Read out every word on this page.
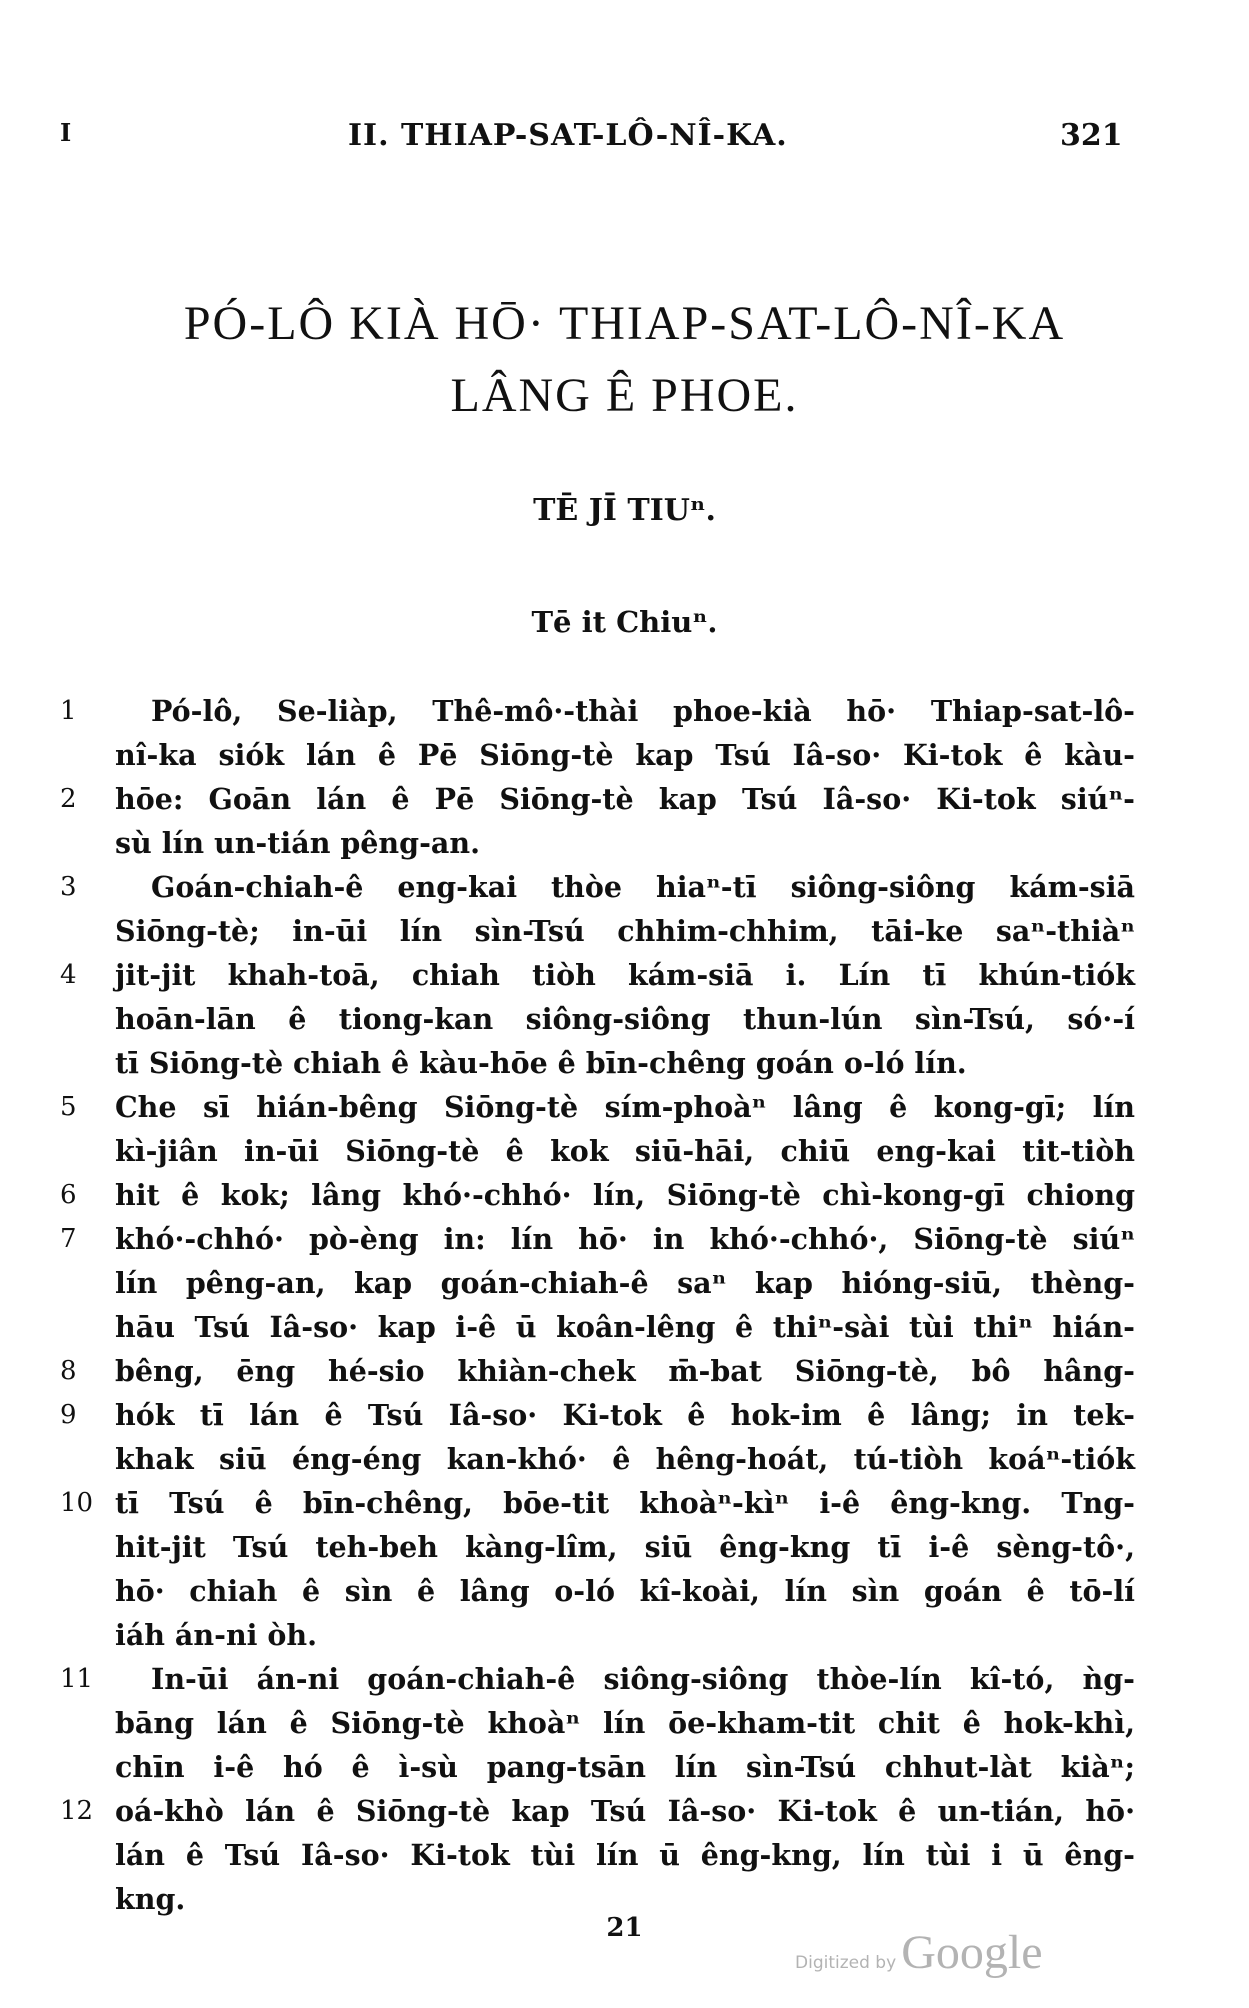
I	II. THIAP-SAT-LÔ-NÎ-KA.	321
PÓ-LÔ KIÀ HŌ· THIAP-SAT-LÔ-NÎ-KA
LÂNG Ê PHOE.
TĒ JĪ TIUⁿ.
Tē it Chiuⁿ.
1	Pó-lô, Se-liàp, Thê-mô·-thài phoe-kià hō· Thiap-sat-lô-
nî-ka siók lán ê Pē Siōng-tè kap Tsú Iâ-so· Ki-tok ê kàu-
2	hōe: Goān lán ê Pē Siōng-tè kap Tsú Iâ-so· Ki-tok siúⁿ-
sù lín un-tián pêng-an.
3	Goán-chiah-ê eng-kai thòe hiaⁿ-tī siông-siông kám-siā
Siōng-tè; in-ūi lín sìn-Tsú chhim-chhim, tāi-ke saⁿ-thiàⁿ
4	jit-jit khah-toā, chiah tiòh kám-siā i. Lín tī khún-tiók
hoān-lān ê tiong-kan siông-siông thun-lún sìn-Tsú, só·-í
tī Siōng-tè chiah ê kàu-hōe ê bīn-chêng goán o-ló lín.
5	Che sī hián-bêng Siōng-tè sím-phoàⁿ lâng ê kong-gī; lín
kì-jiân in-ūi Siōng-tè ê kok siū-hāi, chiū eng-kai tit-tiòh
6	hit ê kok; lâng khó·-chhó· lín, Siōng-tè chì-kong-gī chiong
7	khó·-chhó· pò-èng in: lín hō· in khó·-chhó·, Siōng-tè siúⁿ
lín pêng-an, kap goán-chiah-ê saⁿ kap hióng-siū, thèng-
hāu Tsú Iâ-so· kap i-ê ū koân-lêng ê thiⁿ-sài tùi thiⁿ hián-
8	bêng, ēng hé-sio khiàn-chek m̄-bat Siōng-tè, bô hâng-
9	hók tī lán ê Tsú Iâ-so· Ki-tok ê hok-im ê lâng; in tek-
khak siū éng-éng kan-khó· ê hêng-hoát, tú-tiòh koáⁿ-tiók
10 tī Tsú ê bīn-chêng, bōe-tit khoàⁿ-kìⁿ i-ê êng-kng. Tng-
hit-jit Tsú teh-beh kàng-lîm, siū êng-kng tī i-ê sèng-tô·,
hō· chiah ê sìn ê lâng o-ló kî-koài, lín sìn goán ê tō-lí
iáh án-ni òh.
11	In-ūi án-ni goán-chiah-ê siông-siông thòe-lín kî-tó, ǹg-
bāng lán ê Siōng-tè khoàⁿ lín ōe-kham-tit chit ê hok-khì,
chīn i-ê hó ê ì-sù pang-tsān lín sìn-Tsú chhut-làt kiàⁿ;
12 oá-khò lán ê Siōng-tè kap Tsú Iâ-so· Ki-tok ê un-tián, hō·
lán ê Tsú Iâ-so· Ki-tok tùi lín ū êng-kng, lín tùi i ū êng-
kng.
21
Digitized by Google
